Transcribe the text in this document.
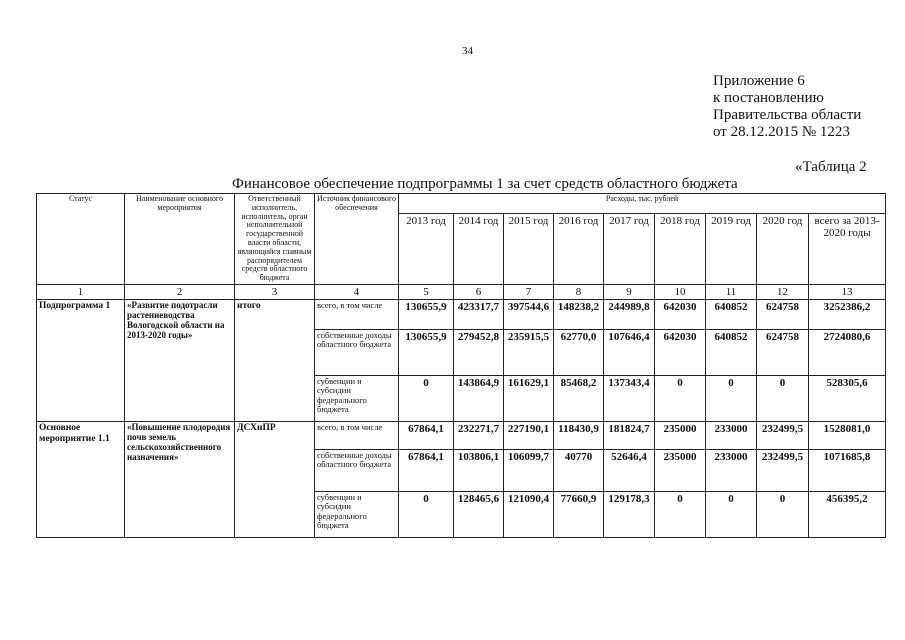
34
Приложение 6
к постановлению
Правительства области
от 28.12.2015 № 1223
«Таблица 2
Финансовое обеспечение подпрограммы 1 за счет средств областного бюджета
Статус	Наименование основного мероприятия	Ответственный исполнитель, исполнитель, орган исполнительной государственной власти области, являющийся главным распорядителем средств областного бюджета	Источник финансового обеспечения	Расходы, тыс. рублей								
				2013 год	2014 год	2015 год	2016 год	2017 год	2018 год	2019 год	2020 год	всего за 2013-2020 годы
1	2	3	4	5	6	7	8	9	10	11	12	13
Подпрограмма 1	«Развитие подотрасли растениеводства Вологодской области на 2013-2020 годы»	итого	всего, в том числе	130655,9	423317,7	397544,6	148238,2	244989,8	642030	640852	624758	3252386,2
			собственные доходы областного бюджета	130655,9	279452,8	235915,5	62770,0	107646,4	642030	640852	624758	2724080,6
			субвенции и субсидии федерального бюджета	0	143864,9	161629,1	85468,2	137343,4	0	0	0	528305,6
Основное мероприятие 1.1	«Повышение плодородия почв земель сельскохозяйственного назначения»	ДСХиПР	всего, в том числе	67864,1	232271,7	227190,1	118430,9	181824,7	235000	233000	232499,5	1528081,0
			собственные доходы областного бюджета	67864,1	103806,1	106099,7	40770	52646,4	235000	233000	232499,5	1071685,8
			субвенции и субсидии федерального бюджета	0	128465,6	121090,4	77660,9	129178,3	0	0	0	456395,2
